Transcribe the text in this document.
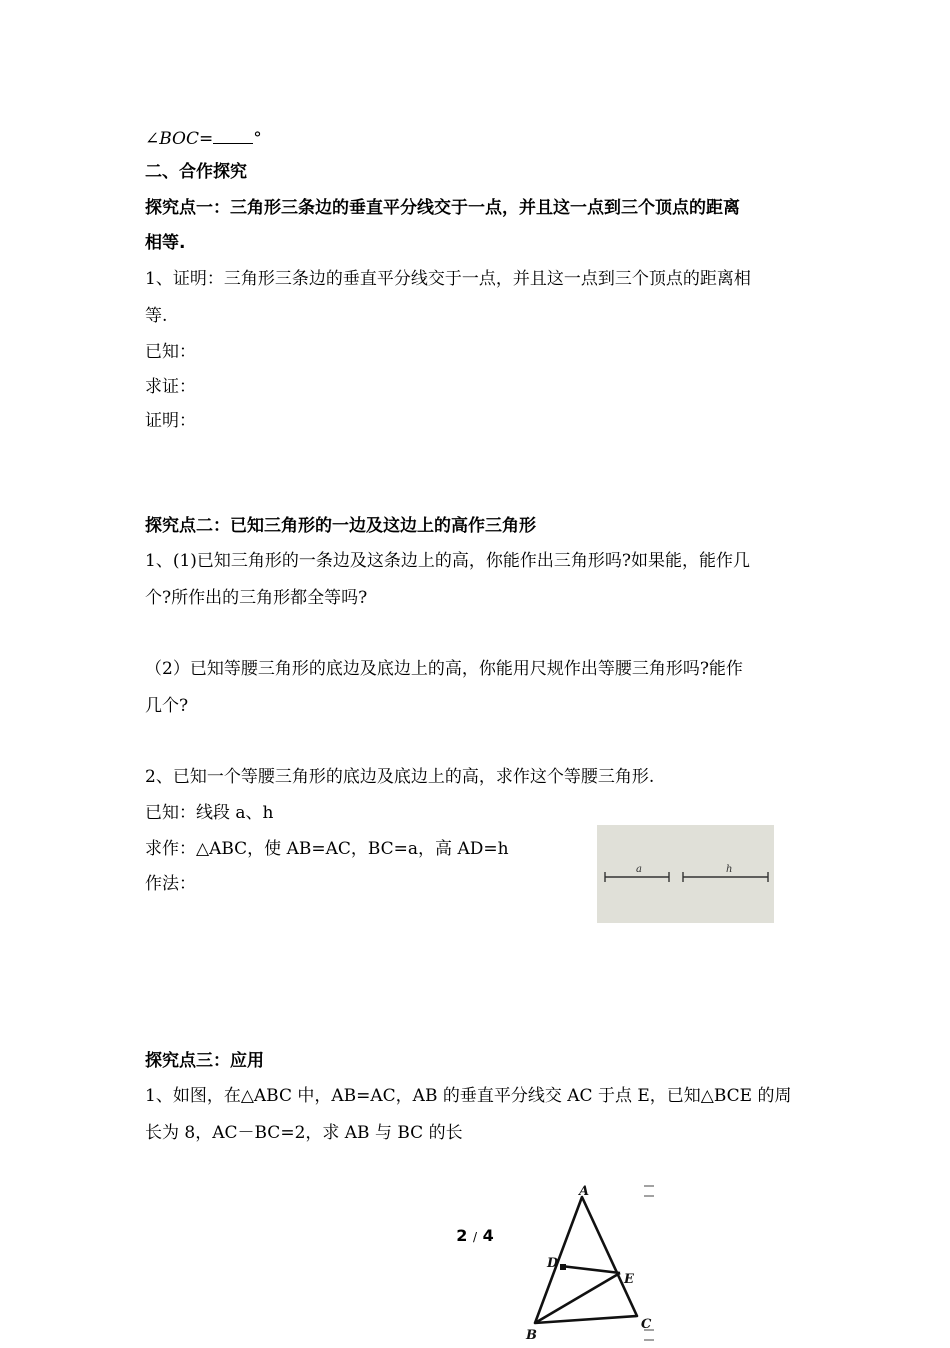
∠BOC= °
二、合作探究
探究点一：三角形三条边的垂直平分线交于一点，并且这一点到三个顶点的距离
相等.
1、证明：三角形三条边的垂直平分线交于一点，并且这一点到三个顶点的距离相
等.
已知：
求证：
证明：
探究点二：已知三角形的一边及这边上的高作三角形
1、(1)已知三角形的一条边及这条边上的高，你能作出三角形吗?如果能，能作几
个?所作出的三角形都全等吗?
（2）已知等腰三角形的底边及底边上的高，你能用尺规作出等腰三角形吗?能作
几个?
2、已知一个等腰三角形的底边及底边上的高，求作这个等腰三角形.
已知：线段 a、h
求作：△ABC，使 AB=AC，BC=a，高 AD=h
作法：
a	h
探究点三：应用
1、如图，在△ABC 中，AB=AC，AB 的垂直平分线交 AC 于点 E，已知△BCE 的周
长为 8，AC－BC=2，求 AB 与 BC 的长
A
D
E
B
C
2 / 4
